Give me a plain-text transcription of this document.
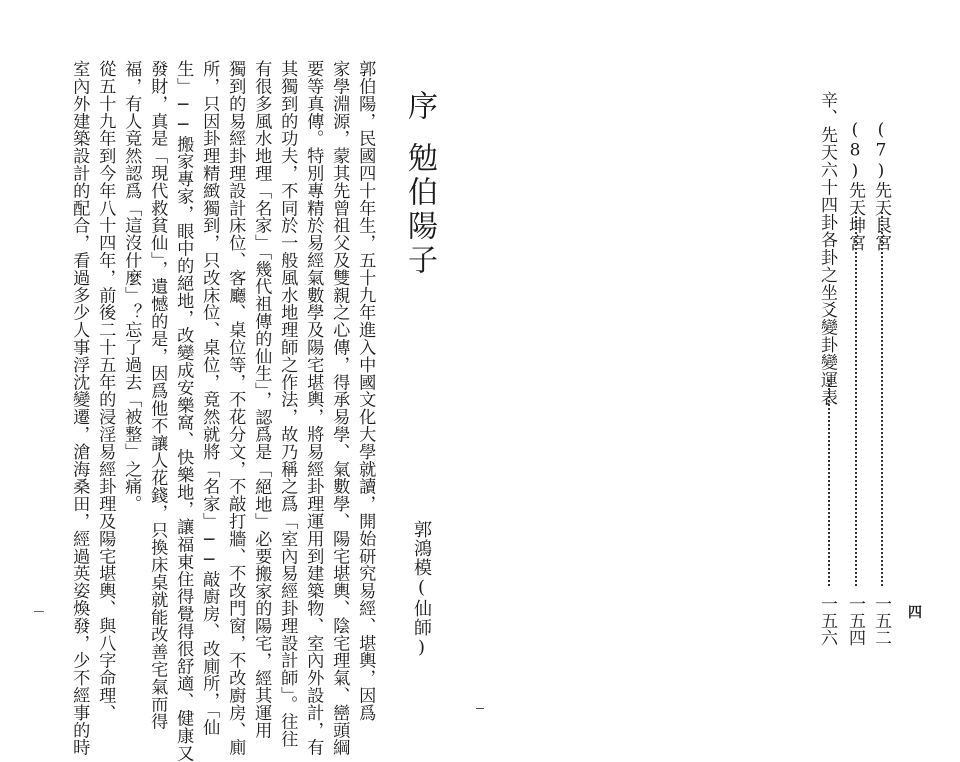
(7)先天艮宮
一五二
(8)先天坤宮
一五四
辛、先天六十四卦各卦之坐爻變卦變運表
一五六	四
序
勉伯陽子
郭鴻模(仙師)
郭伯陽，民國四十年生，五十九年進入中國文化大學就讀，開始研究易經、堪輿，因爲
家學淵源，蒙其先曾祖父及雙親之心傳，得承易學、氣數學、陽宅堪輿、陰宅理氣、巒頭綱
要等真傳。特別專精於易經氣數學及陽宅堪輿，將易經卦理運用到建築物、室內外設計，有
其獨到的功夫，不同於一般風水地理師之作法，故乃稱之爲「室內易經卦理設計師」。往往
有很多風水地理「名家」「幾代祖傳的仙生」，認爲是「絕地」必要搬家的陽宅，經其運用
獨到的易經卦理設計床位、客廳、桌位等，不花分文，不敲打牆、不改門窗，不改廚房、廁
所，只因卦理精緻獨到，只改床位、桌位，竟然就將「名家」──敲廚房、改廁所，「仙
生」──搬家專家，眼中的絕地，改變成安樂窩、快樂地，讓福東住得覺得很舒適、健康又
發財，真是「現代救貧仙」，遺憾的是，因爲他不讓人花錢，只換床桌就能改善宅氣而得
福，有人竟然認爲「這沒什麼」？忘了過去「被整」之痛。
從五十九年到今年八十四年，前後二十五年的浸淫易經卦理及陽宅堪輿、與八字命理、
室內外建築設計的配合，看過多少人事浮沈變遷，滄海桑田，經過英姿煥發，少不經事的時
